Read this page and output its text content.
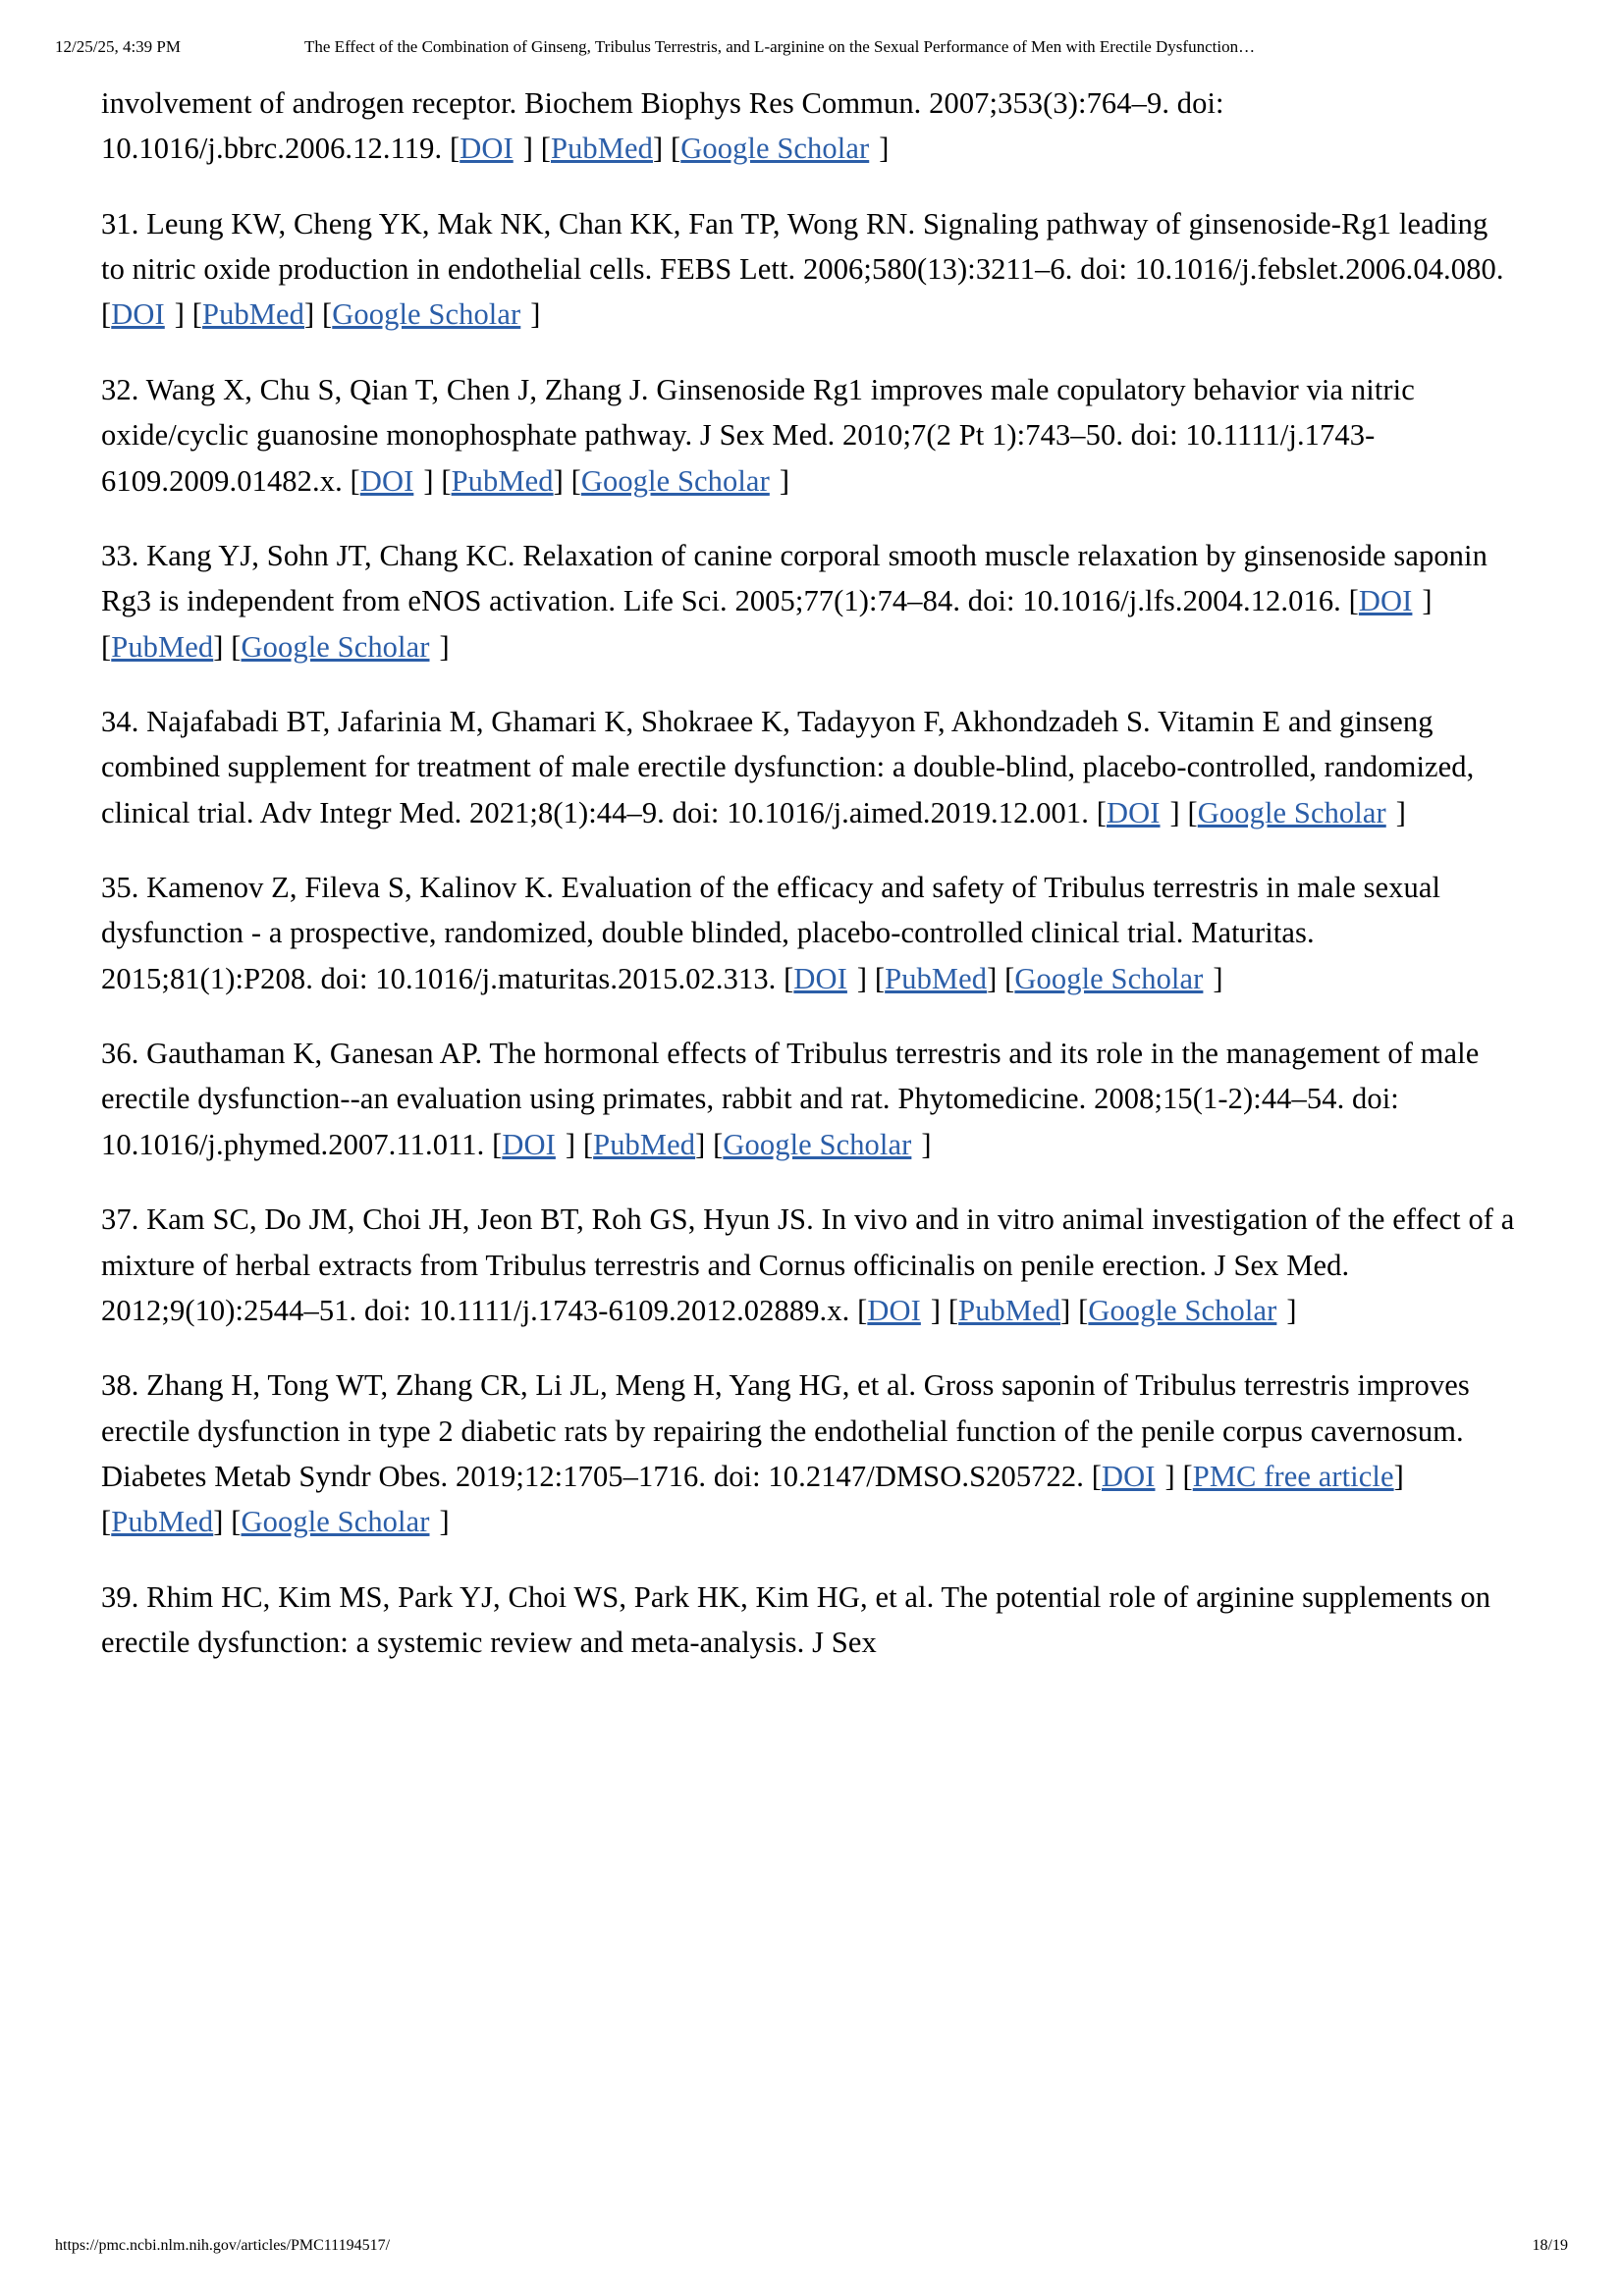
12/25/25, 4:39 PM	The Effect of the Combination of Ginseng, Tribulus Terrestris, and L-arginine on the Sexual Performance of Men with Erectile Dysfunction…

involvement of androgen receptor. Biochem Biophys Res Commun. 2007;353(3):764–9. doi: 10.1016/j.bbrc.2006.12.119. [DOI ] [PubMed] [Google Scholar ]

31. Leung KW, Cheng YK, Mak NK, Chan KK, Fan TP, Wong RN. Signaling pathway of ginsenoside-Rg1 leading to nitric oxide production in endothelial cells. FEBS Lett. 2006;580(13):3211–6. doi: 10.1016/j.febslet.2006.04.080. [DOI ] [PubMed] [Google Scholar ]

32. Wang X, Chu S, Qian T, Chen J, Zhang J. Ginsenoside Rg1 improves male copulatory behavior via nitric oxide/cyclic guanosine monophosphate pathway. J Sex Med. 2010;7(2 Pt 1):743–50. doi: 10.1111/j.1743-6109.2009.01482.x. [DOI ] [PubMed] [Google Scholar ]

33. Kang YJ, Sohn JT, Chang KC. Relaxation of canine corporal smooth muscle relaxation by ginsenoside saponin Rg3 is independent from eNOS activation. Life Sci. 2005;77(1):74–84. doi: 10.1016/j.lfs.2004.12.016. [DOI ] [PubMed] [Google Scholar ]

34. Najafabadi BT, Jafarinia M, Ghamari K, Shokraee K, Tadayyon F, Akhondzadeh S. Vitamin E and ginseng combined supplement for treatment of male erectile dysfunction: a double-blind, placebo-controlled, randomized, clinical trial. Adv Integr Med. 2021;8(1):44–9. doi: 10.1016/j.aimed.2019.12.001. [DOI ] [Google Scholar ]

35. Kamenov Z, Fileva S, Kalinov K. Evaluation of the efficacy and safety of Tribulus terrestris in male sexual dysfunction - a prospective, randomized, double blinded, placebo-controlled clinical trial. Maturitas. 2015;81(1):P208. doi: 10.1016/j.maturitas.2015.02.313. [DOI ] [PubMed] [Google Scholar ]

36. Gauthaman K, Ganesan AP. The hormonal effects of Tribulus terrestris and its role in the management of male erectile dysfunction--an evaluation using primates, rabbit and rat. Phytomedicine. 2008;15(1-2):44–54. doi: 10.1016/j.phymed.2007.11.011. [DOI ] [PubMed] [Google Scholar ]

37. Kam SC, Do JM, Choi JH, Jeon BT, Roh GS, Hyun JS. In vivo and in vitro animal investigation of the effect of a mixture of herbal extracts from Tribulus terrestris and Cornus officinalis on penile erection. J Sex Med. 2012;9(10):2544–51. doi: 10.1111/j.1743-6109.2012.02889.x. [DOI ] [PubMed] [Google Scholar ]

38. Zhang H, Tong WT, Zhang CR, Li JL, Meng H, Yang HG, et al. Gross saponin of Tribulus terrestris improves erectile dysfunction in type 2 diabetic rats by repairing the endothelial function of the penile corpus cavernosum. Diabetes Metab Syndr Obes. 2019;12:1705–1716. doi: 10.2147/DMSO.S205722. [DOI ] [PMC free article] [PubMed] [Google Scholar ]

39. Rhim HC, Kim MS, Park YJ, Choi WS, Park HK, Kim HG, et al. The potential role of arginine supplements on erectile dysfunction: a systemic review and meta-analysis. J Sex

https://pmc.ncbi.nlm.nih.gov/articles/PMC11194517/	18/19
